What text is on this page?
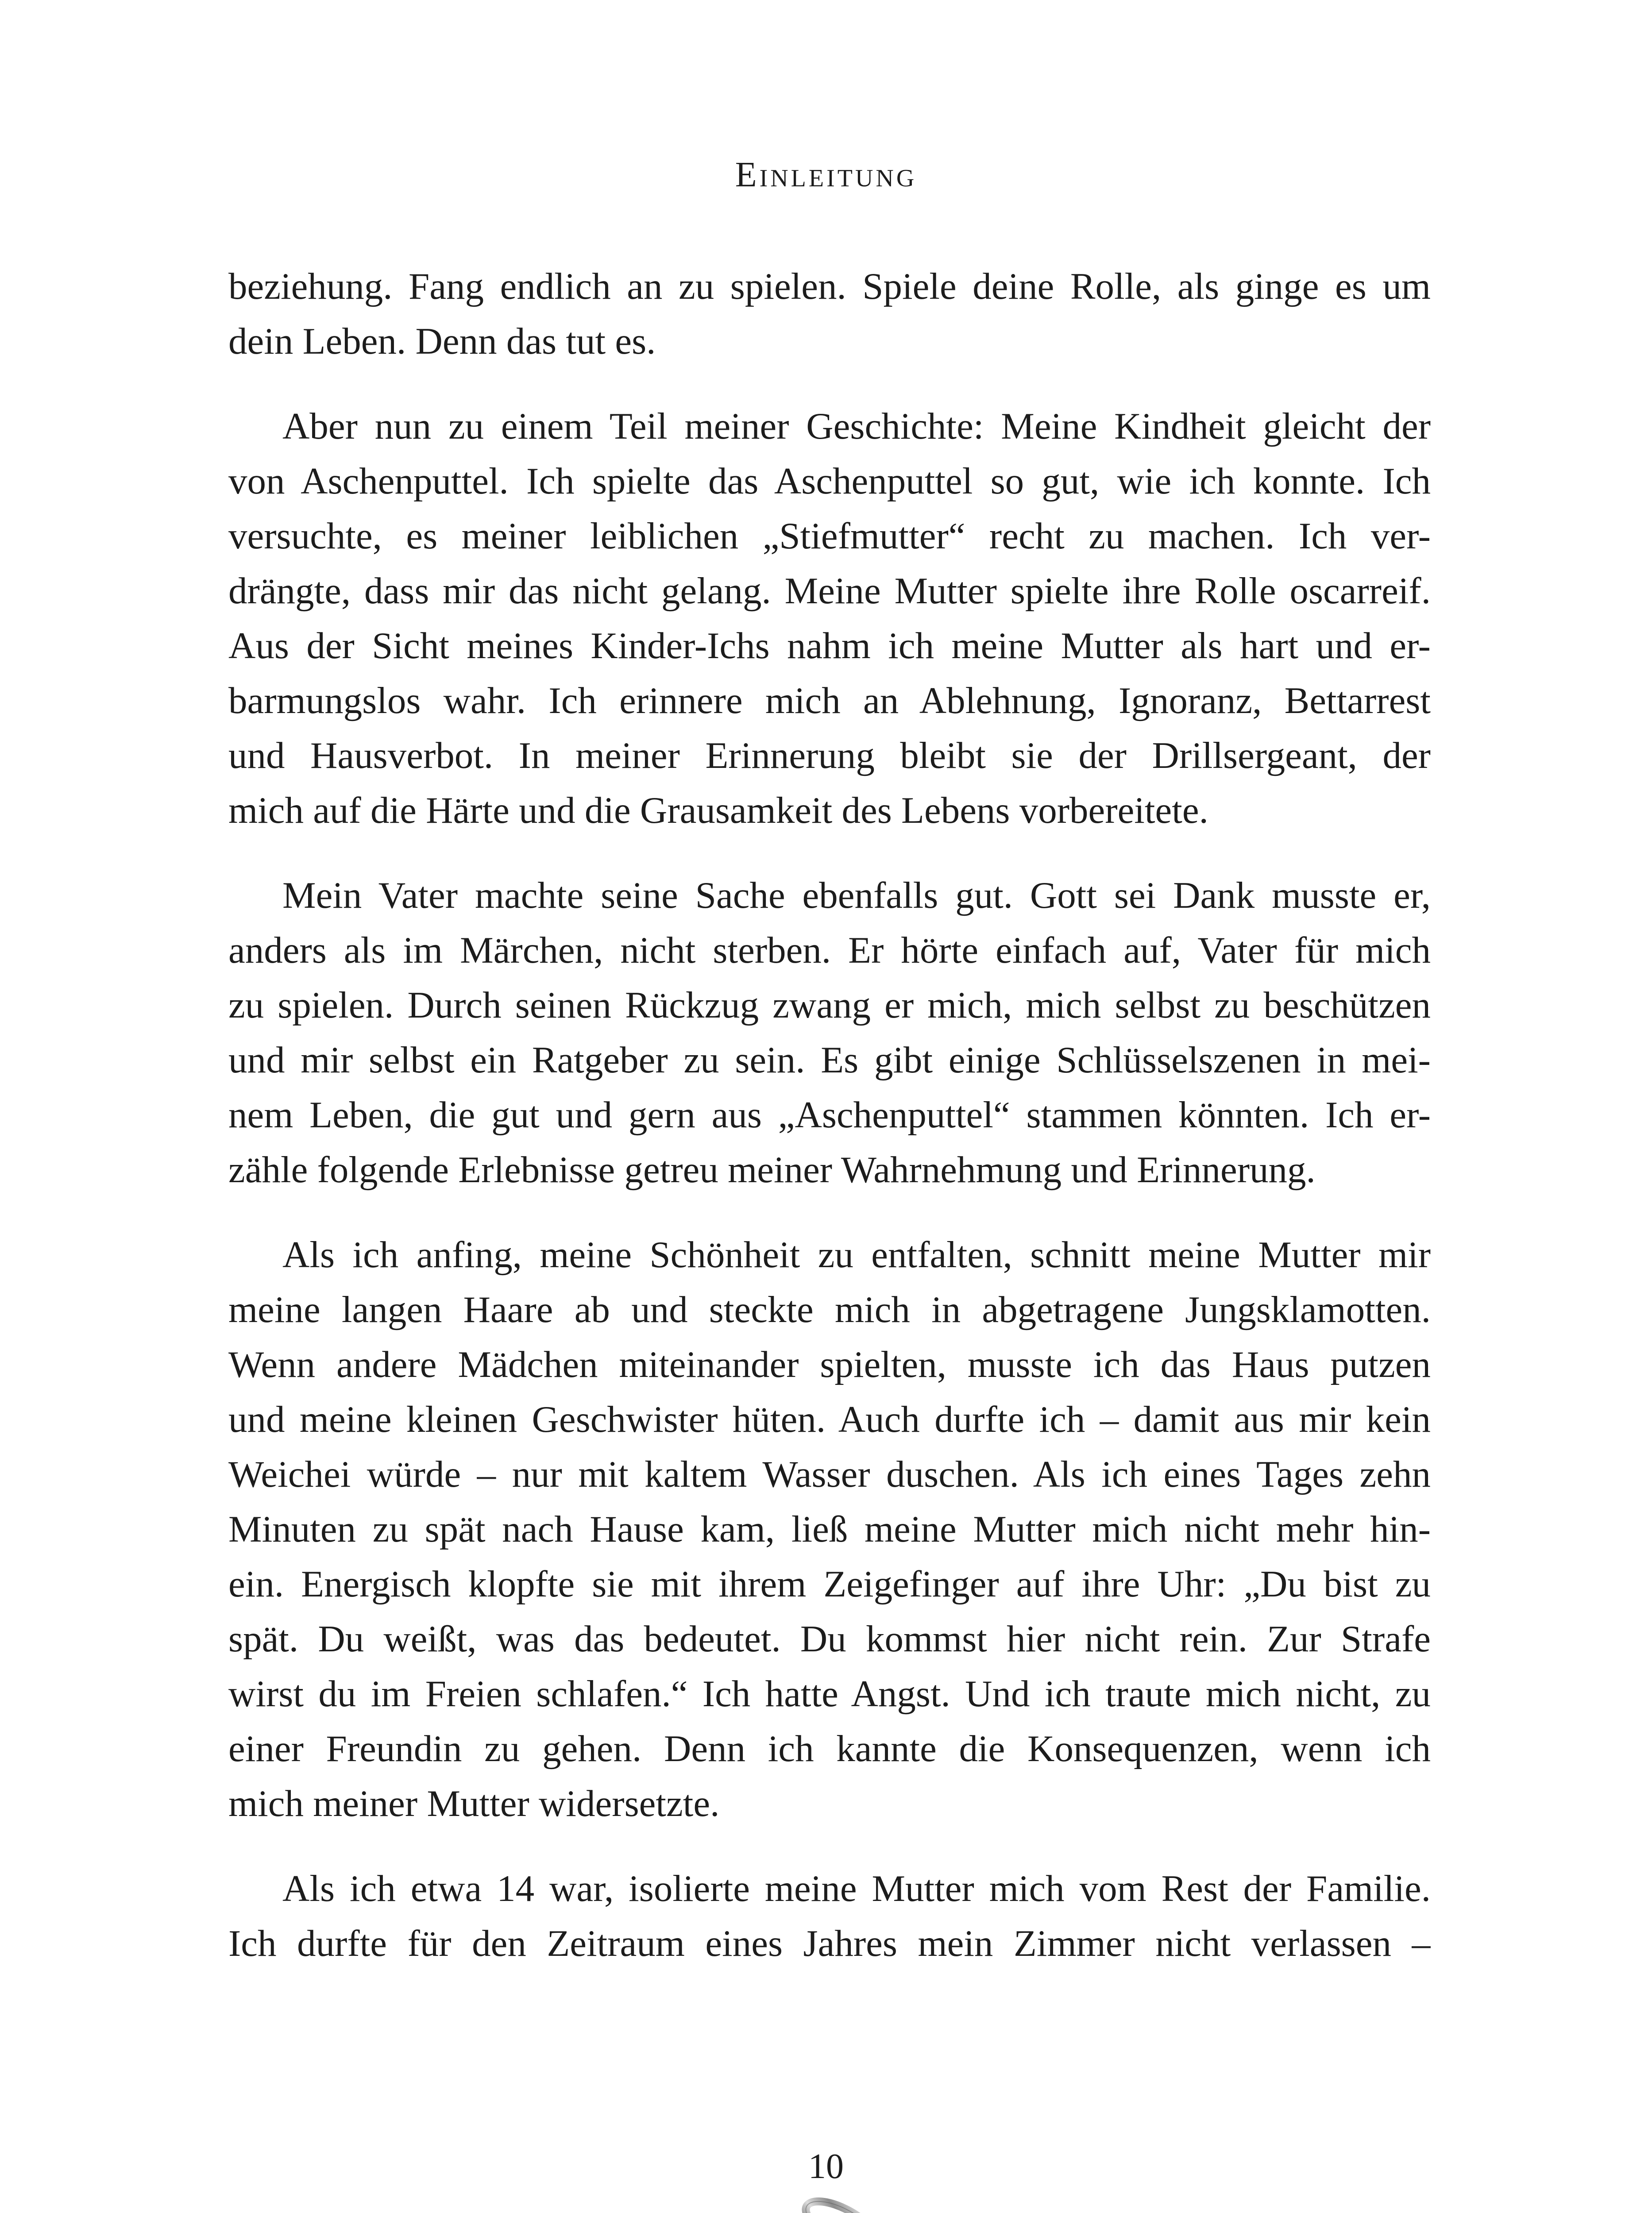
Einleitung

beziehung. Fang endlich an zu spielen. Spiele deine Rolle, als ginge es um
dein Leben. Denn das tut es.

Aber nun zu einem Teil meiner Geschichte: Meine Kindheit gleicht der
von Aschenputtel. Ich spielte das Aschenputtel so gut, wie ich konnte. Ich
versuchte, es meiner leiblichen „Stiefmutter“ recht zu machen. Ich ver-
drängte, dass mir das nicht gelang. Meine Mutter spielte ihre Rolle oscarreif.
Aus der Sicht meines Kinder-Ichs nahm ich meine Mutter als hart und er-
barmungslos wahr. Ich erinnere mich an Ablehnung, Ignoranz, Bettarrest
und Hausverbot. In meiner Erinnerung bleibt sie der Drillsergeant, der
mich auf die Härte und die Grausamkeit des Lebens vorbereitete.

Mein Vater machte seine Sache ebenfalls gut. Gott sei Dank musste er,
anders als im Märchen, nicht sterben. Er hörte einfach auf, Vater für mich
zu spielen. Durch seinen Rückzug zwang er mich, mich selbst zu beschützen
und mir selbst ein Ratgeber zu sein. Es gibt einige Schlüsselszenen in mei-
nem Leben, die gut und gern aus „Aschenputtel“ stammen könnten. Ich er-
zähle folgende Erlebnisse getreu meiner Wahrnehmung und Erinnerung.

Als ich anfing, meine Schönheit zu entfalten, schnitt meine Mutter mir
meine langen Haare ab und steckte mich in abgetragene Jungsklamotten.
Wenn andere Mädchen miteinander spielten, musste ich das Haus putzen
und meine kleinen Geschwister hüten. Auch durfte ich – damit aus mir kein
Weichei würde – nur mit kaltem Wasser duschen. Als ich eines Tages zehn
Minuten zu spät nach Hause kam, ließ meine Mutter mich nicht mehr hin-
ein. Energisch klopfte sie mit ihrem Zeigefinger auf ihre Uhr: „Du bist zu
spät. Du weißt, was das bedeutet. Du kommst hier nicht rein. Zur Strafe
wirst du im Freien schlafen.“ Ich hatte Angst. Und ich traute mich nicht, zu
einer Freundin zu gehen. Denn ich kannte die Konsequenzen, wenn ich
mich meiner Mutter widersetzte.

Als ich etwa 14 war, isolierte meine Mutter mich vom Rest der Familie.
Ich durfte für den Zeitraum eines Jahres mein Zimmer nicht verlassen –

10
